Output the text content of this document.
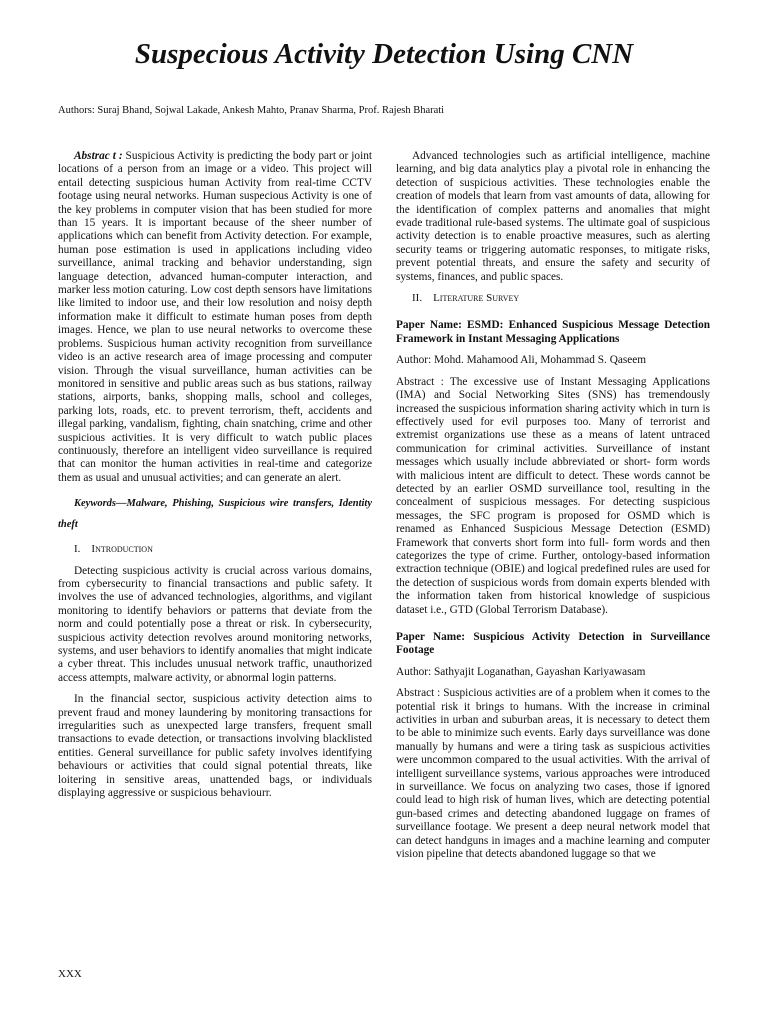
Suspecious Activity Detection Using CNN

Authors: Suraj Bhand, Sojwal Lakade, Ankesh Mahto, Pranav Sharma, Prof. Rajesh Bharati

Abstrac t : Suspicious Activity is predicting the body part or joint locations of a person from an image or a video. This project will entail detecting suspicious human Activity from real-time CCTV footage using neural networks. Human suspecious Activity is one of the key problems in computer vision that has been studied for more than 15 years. It is important because of the sheer number of applications which can benefit from Activity detection. For example, human pose estimation is used in applications including video surveillance, animal tracking and behavior understanding, sign language detection, advanced human-computer interaction, and marker less motion caturing. Low cost depth sensors have limitations like limited to indoor use, and their low resolution and noisy depth information make it difficult to estimate human poses from depth images. Hence, we plan to use neural networks to overcome these problems. Suspicious human activity recognition from surveillance video is an active research area of image processing and computer vision. Through the visual surveillance, human activities can be monitored in sensitive and public areas such as bus stations, railway stations, airports, banks, shopping malls, school and colleges, parking lots, roads, etc. to prevent terrorism, theft, accidents and illegal parking, vandalism, fighting, chain snatching, crime and other suspicious activities. It is very difficult to watch public places continuously, therefore an intelligent video surveillance is required that can monitor the human activities in real-time and categorize them as usual and unusual activities; and can generate an alert.

Keywords—Malware, Phishing, Suspicious wire transfers, Identity theft

I. Introduction

Detecting suspicious activity is crucial across various domains, from cybersecurity to financial transactions and public safety. It involves the use of advanced technologies, algorithms, and vigilant monitoring to identify behaviors or patterns that deviate from the norm and could potentially pose a threat or risk. In cybersecurity, suspicious activity detection revolves around monitoring networks, systems, and user behaviors to identify anomalies that might indicate a cyber threat. This includes unusual network traffic, unauthorized access attempts, malware activity, or abnormal login patterns.

In the financial sector, suspicious activity detection aims to prevent fraud and money laundering by monitoring transactions for irregularities such as unexpected large transfers, frequent small transactions to evade detection, or transactions involving blacklisted entities. General surveillance for public safety involves identifying behaviours or activities that could signal potential threats, like loitering in sensitive areas, unattended bags, or individuals displaying aggressive or suspicious behaviourr.

Advanced technologies such as artificial intelligence, machine learning, and big data analytics play a pivotal role in enhancing the detection of suspicious activities. These technologies enable the creation of models that learn from vast amounts of data, allowing for the identification of complex patterns and anomalies that might evade traditional rule-based systems. The ultimate goal of suspicious activity detection is to enable proactive measures, such as alerting security teams or triggering automatic responses, to mitigate risks, prevent potential threats, and ensure the safety and security of systems, finances, and public spaces.

II. Literature Survey

Paper Name: ESMD: Enhanced Suspicious Message Detection Framework in Instant Messaging Applications

Author: Mohd. Mahamood Ali, Mohammad S. Qaseem

Abstract : The excessive use of Instant Messaging Applications (IMA) and Social Networking Sites (SNS) has tremendously increased the suspicious information sharing activity which in turn is effectively used for evil purposes too. Many of terrorist and extremist organizations use these as a means of latent untraced communication for criminal activities. Surveillance of instant messages which usually include abbreviated or short- form words with malicious intent are difficult to detect. These words cannot be detected by an earlier OSMD surveillance tool, resulting in the concealment of suspicious messages. For detecting suspicious messages, the SFC program is proposed for OSMD which is renamed as Enhanced Suspicious Message Detection (ESMD) Framework that converts short form into full- form words and then categorizes the type of crime. Further, ontology-based information extraction technique (OBIE) and logical predefined rules are used for the detection of suspicious words from domain experts blended with the information taken from historical knowledge of suspicious dataset i.e., GTD (Global Terrorism Database).

Paper Name: Suspicious Activity Detection in Surveillance Footage

Author: Sathyajit Loganathan, Gayashan Kariyawasam

Abstract : Suspicious activities are of a problem when it comes to the potential risk it brings to humans. With the increase in criminal activities in urban and suburban areas, it is necessary to detect them to be able to minimize such events. Early days surveillance was done manually by humans and were a tiring task as suspicious activities were uncommon compared to the usual activities. With the arrival of intelligent surveillance systems, various approaches were introduced in surveillance. We focus on analyzing two cases, those if ignored could lead to high risk of human lives, which are detecting potential gun-based crimes and detecting abandoned luggage on frames of surveillance footage. We present a deep neural network model that can detect handguns in images and a machine learning and computer vision pipeline that detects abandoned luggage so that we

XXX
